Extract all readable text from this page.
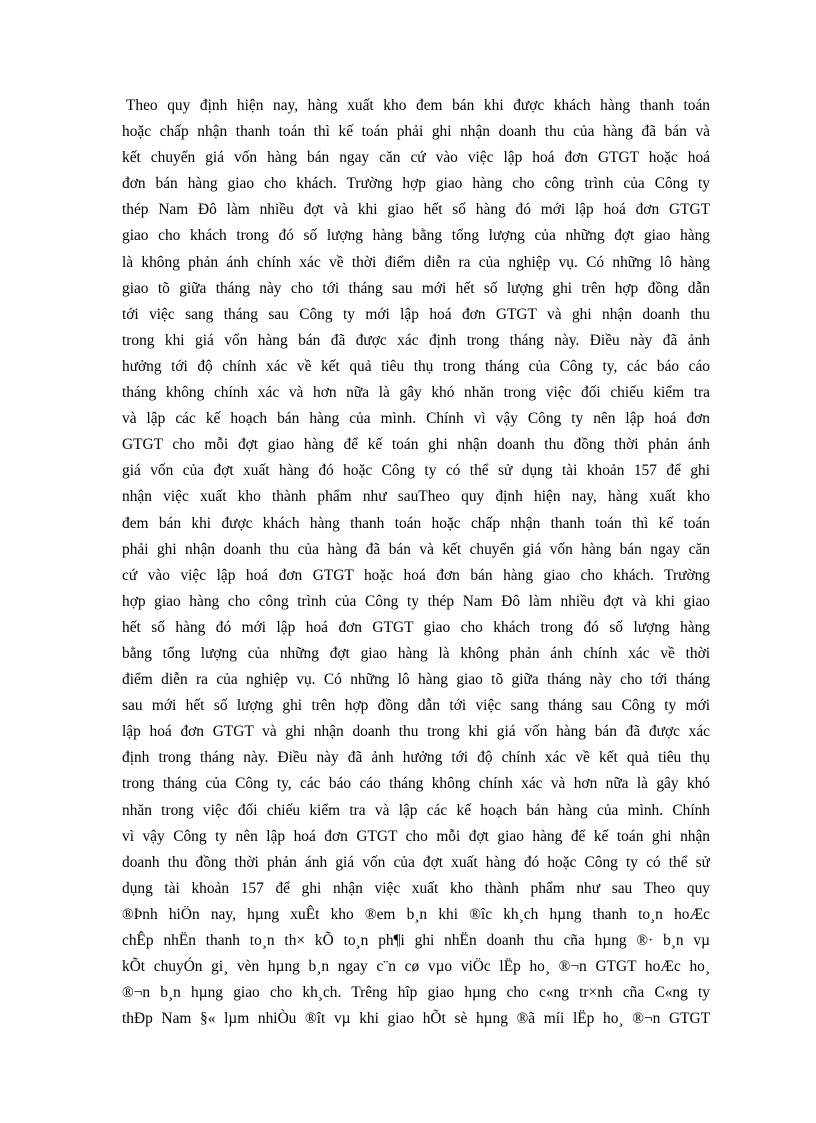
Theo quy định hiện nay, hàng xuất kho đem bán khi được khách hàng thanh toán
hoặc chấp nhận thanh toán thì kế toán phải ghi nhận doanh thu của hàng đã bán và
kết chuyển giá vốn hàng bán ngay căn cứ vào việc lập hoá đơn GTGT hoặc hoá
đơn bán hàng giao cho khách. Trường hợp giao hàng cho công trình của Công ty
thép Nam Đô làm nhiều đợt và khi giao hết số hàng đó mới lập hoá đơn GTGT
giao cho khách trong đó số lượng hàng bằng tổng lượng của những đợt giao hàng
là không phản ánh chính xác về thời điểm diễn ra của nghiệp vụ. Có những lô hàng
giao tõ giữa tháng này cho tới tháng sau mới hết số lượng ghi trên hợp đồng dẫn
tới việc sang tháng sau Công ty mới lập hoá đơn GTGT và ghi nhận doanh thu
trong khi giá vốn hàng bán đã được xác định trong tháng này. Điều này đã ảnh
hưởng tới độ chính xác về kết quả tiêu thụ trong tháng của Công ty, các báo cáo
tháng không chính xác và hơn nữa là gây khó nhăn trong việc đối chiếu kiểm tra
và lập các kế hoạch bán hàng của mình. Chính vì vậy Công ty nên lập hoá đơn
GTGT cho mỗi đợt giao hàng để kế toán ghi nhận doanh thu đồng thời phản ánh
giá vốn của đợt xuất hàng đó hoặc Công ty có thể sử dụng tài khoản 157 để ghi
nhận việc xuất kho thành phẩm như sauTheo quy định hiện nay, hàng xuất kho
đem bán khi được khách hàng thanh toán hoặc chấp nhận thanh toán thì kế toán
phải ghi nhận doanh thu của hàng đã bán và kết chuyển giá vốn hàng bán ngay căn
cứ vào việc lập hoá đơn GTGT hoặc hoá đơn bán hàng giao cho khách. Trường
hợp giao hàng cho công trình của Công ty thép Nam Đô làm nhiều đợt và khi giao
hết số hàng đó mới lập hoá đơn GTGT giao cho khách trong đó số lượng hàng
bằng tổng lượng của những đợt giao hàng là không phản ánh chính xác về thời
điểm diễn ra của nghiệp vụ. Có những lô hàng giao tõ giữa tháng này cho tới tháng
sau mới hết số lượng ghi trên hợp đồng dẫn tới việc sang tháng sau Công ty mới
lập hoá đơn GTGT và ghi nhận doanh thu trong khi giá vốn hàng bán đã được xác
định trong tháng này. Điều này đã ảnh hưởng tới độ chính xác về kết quả tiêu thụ
trong tháng của Công ty, các báo cáo tháng không chính xác và hơn nữa là gây khó
nhăn trong việc đối chiếu kiểm tra và lập các kế hoạch bán hàng của mình. Chính
vì vậy Công ty nên lập hoá đơn GTGT cho mỗi đợt giao hàng để kế toán ghi nhận
doanh thu đồng thời phản ánh giá vốn của đợt xuất hàng đó hoặc Công ty có thể sử
dụng tài khoản 157 để ghi nhận việc xuất kho thành phẩm như sau Theo quy
®Þnh hiÖn nay, hµng xuÊt kho ®em b¸n khi ®îc kh¸ch hµng thanh to¸n hoÆc
chÊp nhËn thanh to¸n th× kÕ to¸n ph¶i ghi nhËn doanh thu cña hµng ®· b¸n vµ
kÕt chuyÓn gi¸ vèn hµng b¸n ngay c¨n cø vµo viÖc lËp ho¸ ®¬n GTGT hoÆc ho¸
®¬n b¸n hµng giao cho kh¸ch. Trêng hîp giao hµng cho c«ng tr×nh cña C«ng ty
thÐp Nam §« lµm nhiÒu ®ît vµ khi giao hÕt sè hµng ®ã míi lËp ho¸ ®¬n GTGT
